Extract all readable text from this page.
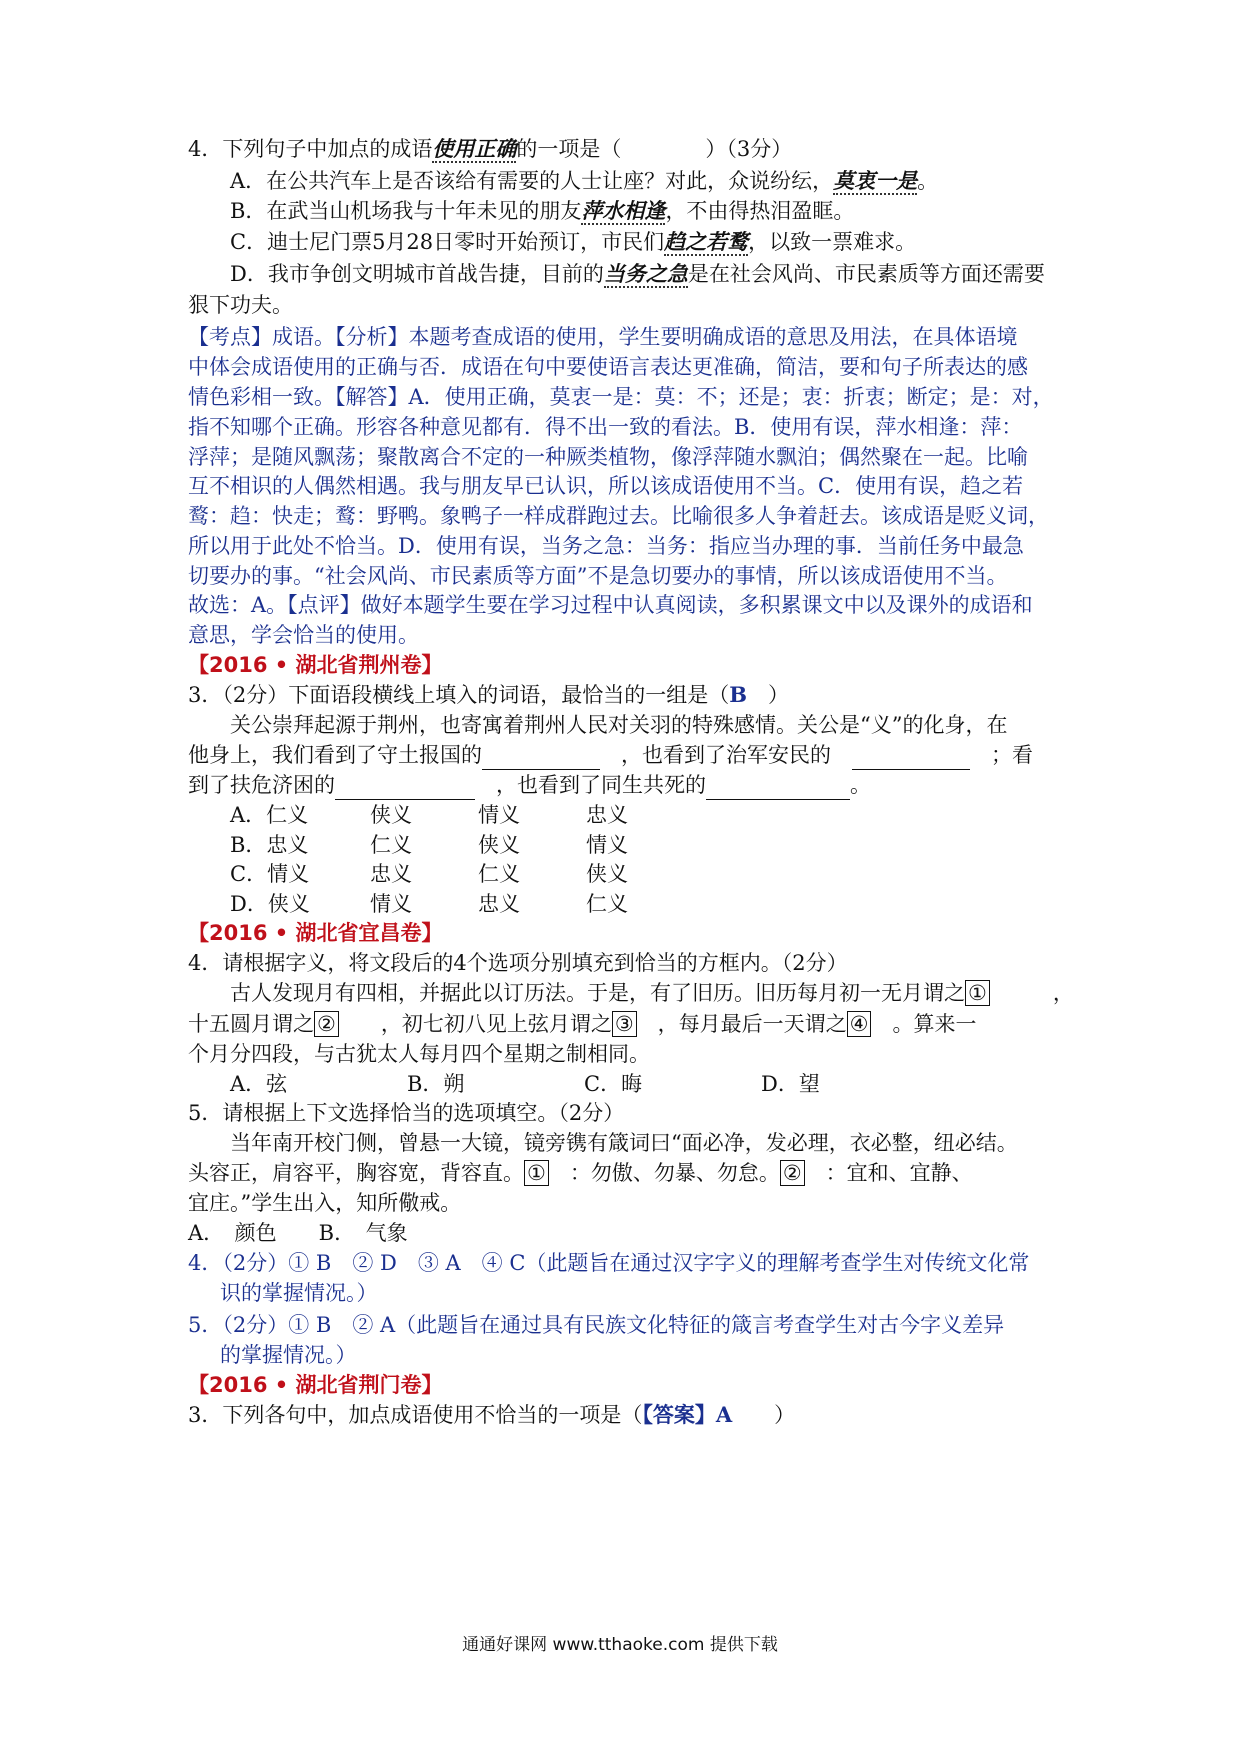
4．下列句子中加点的成语使用正确的一项是（　　　　）（3分）
A．在公共汽车上是否该给有需要的人士让座？对此，众说纷纭，莫衷一是。
B．在武当山机场我与十年未见的朋友萍水相逢，不由得热泪盈眶。
C．迪士尼门票5月28日零时开始预订，市民们趋之若鹜，以致一票难求。
D．我市争创文明城市首战告捷，目前的当务之急是在社会风尚、市民素质等方面还需要
狠下功夫。
【考点】成语。【分析】本题考查成语的使用，学生要明确成语的意思及用法，在具体语境
中体会成语使用的正确与否．成语在句中要使语言表达更准确，简洁，要和句子所表达的感
情色彩相一致。【解答】A．使用正确，莫衷一是：莫：不；还是；衷：折衷；断定；是：对，
指不知哪个正确。形容各种意见都有．得不出一致的看法。B．使用有误，萍水相逢：萍：
浮萍；是随风飘荡；聚散离合不定的一种厥类植物，像浮萍随水飘泊；偶然聚在一起。比喻
互不相识的人偶然相遇。我与朋友早已认识，所以该成语使用不当。C．使用有误，趋之若
鹜：趋：快走；鹜：野鸭。象鸭子一样成群跑过去。比喻很多人争着赶去。该成语是贬义词，
所以用于此处不恰当。D．使用有误，当务之急：当务：指应当办理的事．当前任务中最急
切要办的事。“社会风尚、市民素质等方面”不是急切要办的事情，所以该成语使用不当。
故选：A。【点评】做好本题学生要在学习过程中认真阅读，多积累课文中以及课外的成语和
意思，学会恰当的使用。
【2016 • 湖北省荆州卷】
3．（2分）下面语段横线上填入的词语，最恰当的一组是（B　）
关公崇拜起源于荆州，也寄寓着荆州人民对关羽的特殊感情。关公是“义”的化身，在
他身上，我们看到了守土报国的　	，也看到了治军安民的　　	；看
到了扶危济困的　	，也看到了同生共死的	。
A．仁义	侠义	情义	忠义
B．忠义	仁义	侠义	情义
C．情义	忠义	仁义	侠义
D．侠义	情义	忠义	仁义
【2016 • 湖北省宜昌卷】
4．请根据字义，将文段后的4个选项分别填充到恰当的方框内。（2分）
古人发现月有四相，并据此以订历法。于是，有了旧历。旧历每月初一无月谓之 ①　　　，
十五圆月谓之 ②　　，初七初八见上弦月谓之 ③　，每月最后一天谓之 ④　。算来一
个月分四段，与古犹太人每月四个星期之制相同。
A．弦	B．朔	C．晦	D．望
5．请根据上下文选择恰当的选项填空。（2分）
当年南开校门侧，曾悬一大镜，镜旁镌有箴词曰“面必净，发必理，衣必整，纽必结。
头容正，肩容平，胸容宽，背容直。 ①　：勿傲、勿暴、勿怠。 ②　：宜和、宜静、
宜庄。”学生出入，知所儆戒。
A．　颜色　　B．　气象
4．（2分）① B　② D　③ A　④ C（此题旨在通过汉字字义的理解考查学生对传统文化常
识的掌握情况。）
5．（2分）① B　② A（此题旨在通过具有民族文化特征的箴言考查学生对古今字义差异
的掌握情况。）
【2016 • 湖北省荆门卷】
3．下列各句中，加点成语使用不恰当的一项是（【答案】A　　）
通通好课网 www.tthaoke.com 提供下载
